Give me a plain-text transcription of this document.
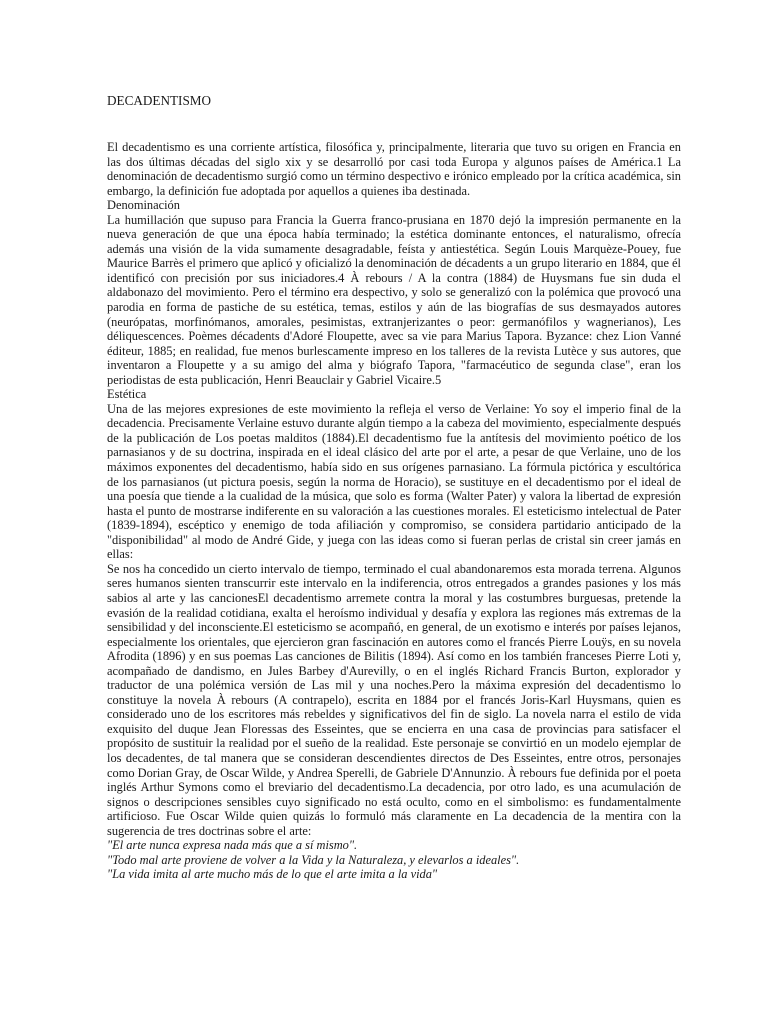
DECADENTISMO

El decadentismo es una corriente artística, filosófica y, principalmente, literaria que tuvo su origen en Francia en las dos últimas décadas del siglo xix y se desarrolló por casi toda Europa y algunos países de América.1 La denominación de decadentismo surgió como un término despectivo e irónico empleado por la crítica académica, sin embargo, la definición fue adoptada por aquellos a quienes iba destinada.

Denominación

La humillación que supuso para Francia la Guerra franco-prusiana en 1870 dejó la impresión permanente en la nueva generación de que una época había terminado; la estética dominante entonces, el naturalismo, ofrecía además una visión de la vida sumamente desagradable, feísta y antiestética. Según Louis Marquèze-Pouey, fue Maurice Barrès el primero que aplicó y oficializó la denominación de décadents a un grupo literario en 1884, que él identificó con precisión por sus iniciadores.4 À rebours / A la contra (1884) de Huysmans fue sin duda el aldabonazo del movimiento. Pero el término era despectivo, y solo se generalizó con la polémica que provocó una parodia en forma de pastiche de su estética, temas, estilos y aún de las biografías de sus desmayados autores (neurópatas, morfinómanos, amorales, pesimistas, extranjerizantes o peor: germanófilos y wagnerianos), Les déliquescences. Poèmes décadents d'Adoré Floupette, avec sa vie para Marius Tapora. Byzance: chez Lion Vanné éditeur, 1885; en realidad, fue menos burlescamente impreso en los talleres de la revista Lutèce y sus autores, que inventaron a Floupette y a su amigo del alma y biógrafo Tapora, "farmacéutico de segunda clase", eran los periodistas de esta publicación, Henri Beauclair y Gabriel Vicaire.5

Estética

Una de las mejores expresiones de este movimiento la refleja el verso de Verlaine: Yo soy el imperio final de la decadencia. Precisamente Verlaine estuvo durante algún tiempo a la cabeza del movimiento, especialmente después de la publicación de Los poetas malditos (1884).El decadentismo fue la antítesis del movimiento poético de los parnasianos y de su doctrina, inspirada en el ideal clásico del arte por el arte, a pesar de que Verlaine, uno de los máximos exponentes del decadentismo, había sido en sus orígenes parnasiano. La fórmula pictórica y escultórica de los parnasianos (ut pictura poesis, según la norma de Horacio), se sustituye en el decadentismo por el ideal de una poesía que tiende a la cualidad de la música, que solo es forma (Walter Pater) y valora la libertad de expresión hasta el punto de mostrarse indiferente en su valoración a las cuestiones morales. El esteticismo intelectual de Pater (1839-1894), escéptico y enemigo de toda afiliación y compromiso, se considera partidario anticipado de la "disponibilidad" al modo de André Gide, y juega con las ideas como si fueran perlas de cristal sin creer jamás en ellas:

Se nos ha concedido un cierto intervalo de tiempo, terminado el cual abandonaremos esta morada terrena. Algunos seres humanos sienten transcurrir este intervalo en la indiferencia, otros entregados a grandes pasiones y los más sabios al arte y las cancionesEl decadentismo arremete contra la moral y las costumbres burguesas, pretende la evasión de la realidad cotidiana, exalta el heroísmo individual y desafía y explora las regiones más extremas de la sensibilidad y del inconsciente.El esteticismo se acompañó, en general, de un exotismo e interés por países lejanos, especialmente los orientales, que ejercieron gran fascinación en autores como el francés Pierre Louÿs, en su novela Afrodita (1896) y en sus poemas Las canciones de Bilitis (1894). Así como en los también franceses Pierre Loti y, acompañado de dandismo, en Jules Barbey d'Aurevilly, o en el inglés Richard Francis Burton, explorador y traductor de una polémica versión de Las mil y una noches.Pero la máxima expresión del decadentismo lo constituye la novela À rebours (A contrapelo), escrita en 1884 por el francés Joris-Karl Huysmans, quien es considerado uno de los escritores más rebeldes y significativos del fin de siglo. La novela narra el estilo de vida exquisito del duque Jean Floressas des Esseintes, que se encierra en una casa de provincias para satisfacer el propósito de sustituir la realidad por el sueño de la realidad. Este personaje se convirtió en un modelo ejemplar de los decadentes, de tal manera que se consideran descendientes directos de Des Esseintes, entre otros, personajes como Dorian Gray, de Oscar Wilde, y Andrea Sperelli, de Gabriele D'Annunzio. À rebours fue definida por el poeta inglés Arthur Symons como el breviario del decadentismo.La decadencia, por otro lado, es una acumulación de signos o descripciones sensibles cuyo significado no está oculto, como en el simbolismo: es fundamentalmente artificioso. Fue Oscar Wilde quien quizás lo formuló más claramente en La decadencia de la mentira con la sugerencia de tres doctrinas sobre el arte:

"El arte nunca expresa nada más que a sí mismo".

"Todo mal arte proviene de volver a la Vida y la Naturaleza, y elevarlos a ideales".

"La vida imita al arte mucho más de lo que el arte imita a la vida"
